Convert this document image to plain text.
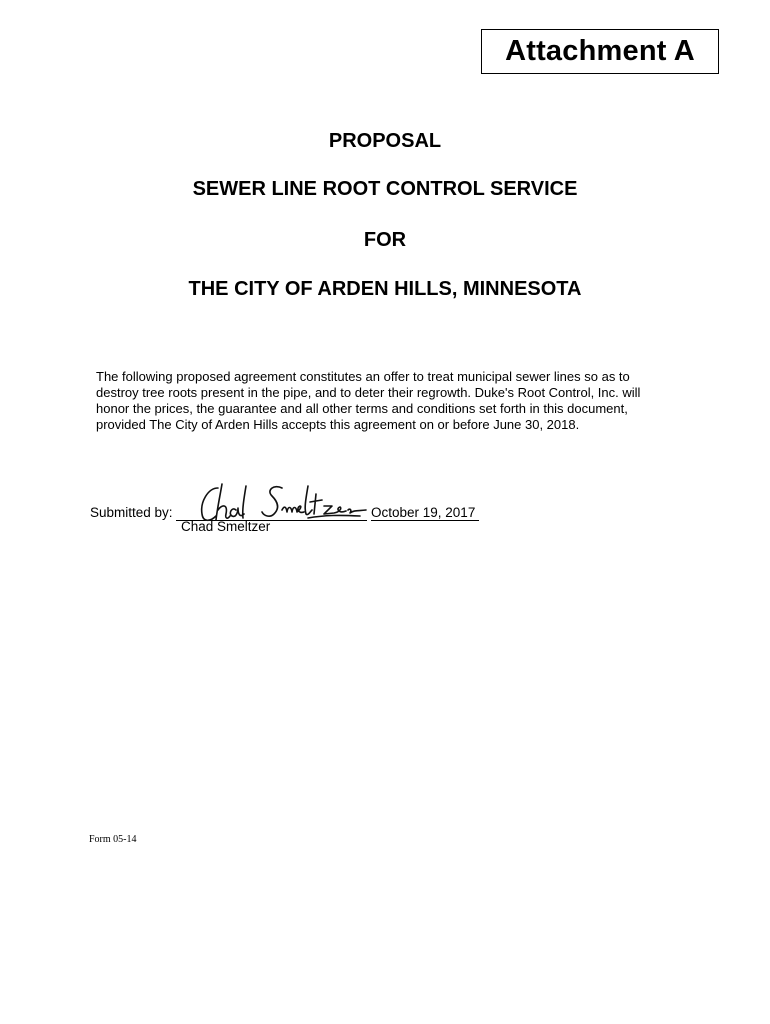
Attachment A
PROPOSAL
SEWER LINE ROOT CONTROL SERVICE
FOR
THE CITY OF ARDEN HILLS, MINNESOTA
The following proposed agreement constitutes an offer to treat municipal sewer lines so as to
destroy tree roots present in the pipe, and to deter their regrowth. Duke's Root Control, Inc. will
honor the prices, the guarantee and all other terms and conditions set forth in this document,
provided The City of Arden Hills accepts this agreement on or before June 30, 2018.
Submitted by:	October 19, 2017
Chad Smeltzer
Form 05-14
